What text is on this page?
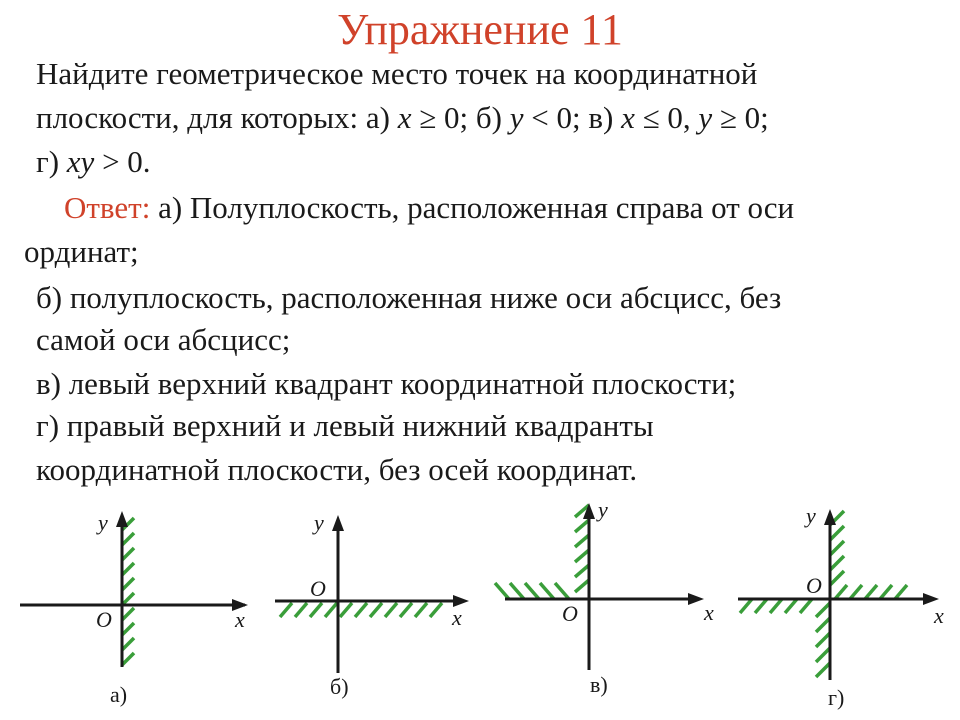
Упражнение 11
Найдите геометрическое место точек на координатной
плоскости, для которых: а) x ≥ 0; б) y < 0; в) x ≤ 0, y ≥ 0;
г) xy > 0.
Ответ: а) Полуплоскость, расположенная справа от оси
ординат;
б) полуплоскость, расположенная ниже оси абсцисс, без
самой оси абсцисс;
в) левый верхний квадрант координатной плоскости;
г) правый верхний и левый нижний квадранты
координатной плоскости, без осей координат.
y
x
O
а)
y
x
O
б)
y
x
O
в)
y
x
O
г)
